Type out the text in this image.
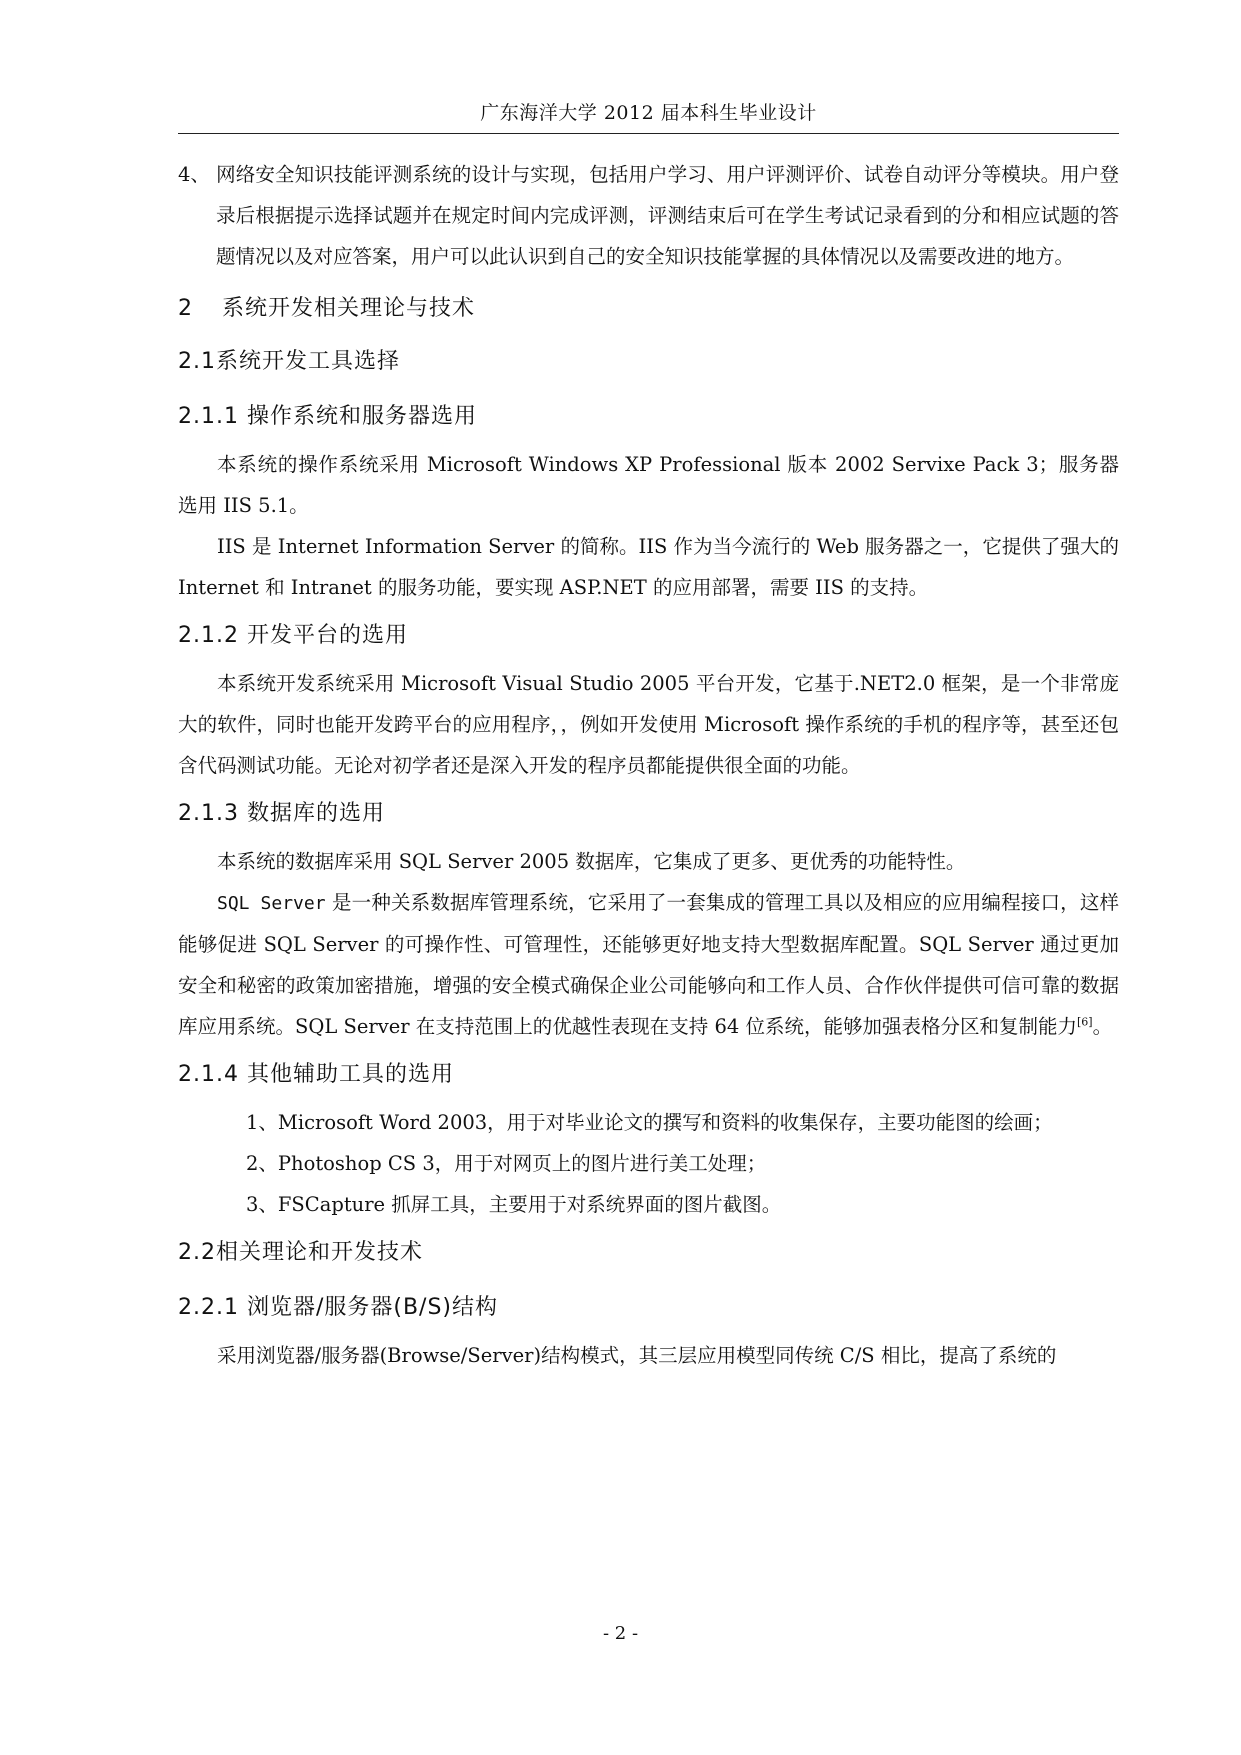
广东海洋大学 2012 届本科生毕业设计

4、 网络安全知识技能评测系统的设计与实现，包括用户学习、用户评测评价、试卷自动评分等模块。用户登录后根据提示选择试题并在规定时间内完成评测，评测结束后可在学生考试记录看到的分和相应试题的答题情况以及对应答案，用户可以此认识到自己的安全知识技能掌握的具体情况以及需要改进的地方。

2 系统开发相关理论与技术
2.1系统开发工具选择
2.1.1 操作系统和服务器选用

本系统的操作系统采用 Microsoft Windows XP Professional 版本 2002 Servixe Pack 3；服务器选用 IIS 5.1。

IIS 是 Internet Information Server 的简称。IIS 作为当今流行的 Web 服务器之一，它提供了强大的 Internet 和 Intranet 的服务功能，要实现 ASP.NET 的应用部署，需要 IIS 的支持。

2.1.2 开发平台的选用

本系统开发系统采用 Microsoft Visual Studio 2005 平台开发，它基于.NET2.0 框架，是一个非常庞大的软件，同时也能开发跨平台的应用程序，，例如开发使用 Microsoft 操作系统的手机的程序等，甚至还包含代码测试功能。无论对初学者还是深入开发的程序员都能提供很全面的功能。

2.1.3 数据库的选用

本系统的数据库采用 SQL Server 2005 数据库，它集成了更多、更优秀的功能特性。

SQL Server 是一种关系数据库管理系统，它采用了一套集成的管理工具以及相应的应用编程接口，这样能够促进 SQL Server 的可操作性、可管理性，还能够更好地支持大型数据库配置。SQL Server 通过更加安全和秘密的政策加密措施，增强的安全模式确保企业公司能够向和工作人员、合作伙伴提供可信可靠的数据库应用系统。SQL Server 在支持范围上的优越性表现在支持 64 位系统，能够加强表格分区和复制能力[6]。

2.1.4 其他辅助工具的选用

1、Microsoft Word 2003，用于对毕业论文的撰写和资料的收集保存，主要功能图的绘画；

2、Photoshop CS 3，用于对网页上的图片进行美工处理；

3、FSCapture 抓屏工具，主要用于对系统界面的图片截图。

2.2相关理论和开发技术
2.2.1 浏览器/服务器(B/S)结构

采用浏览器/服务器(Browse/Server)结构模式，其三层应用模型同传统 C/S 相比，提高了系统的

- 2 -
